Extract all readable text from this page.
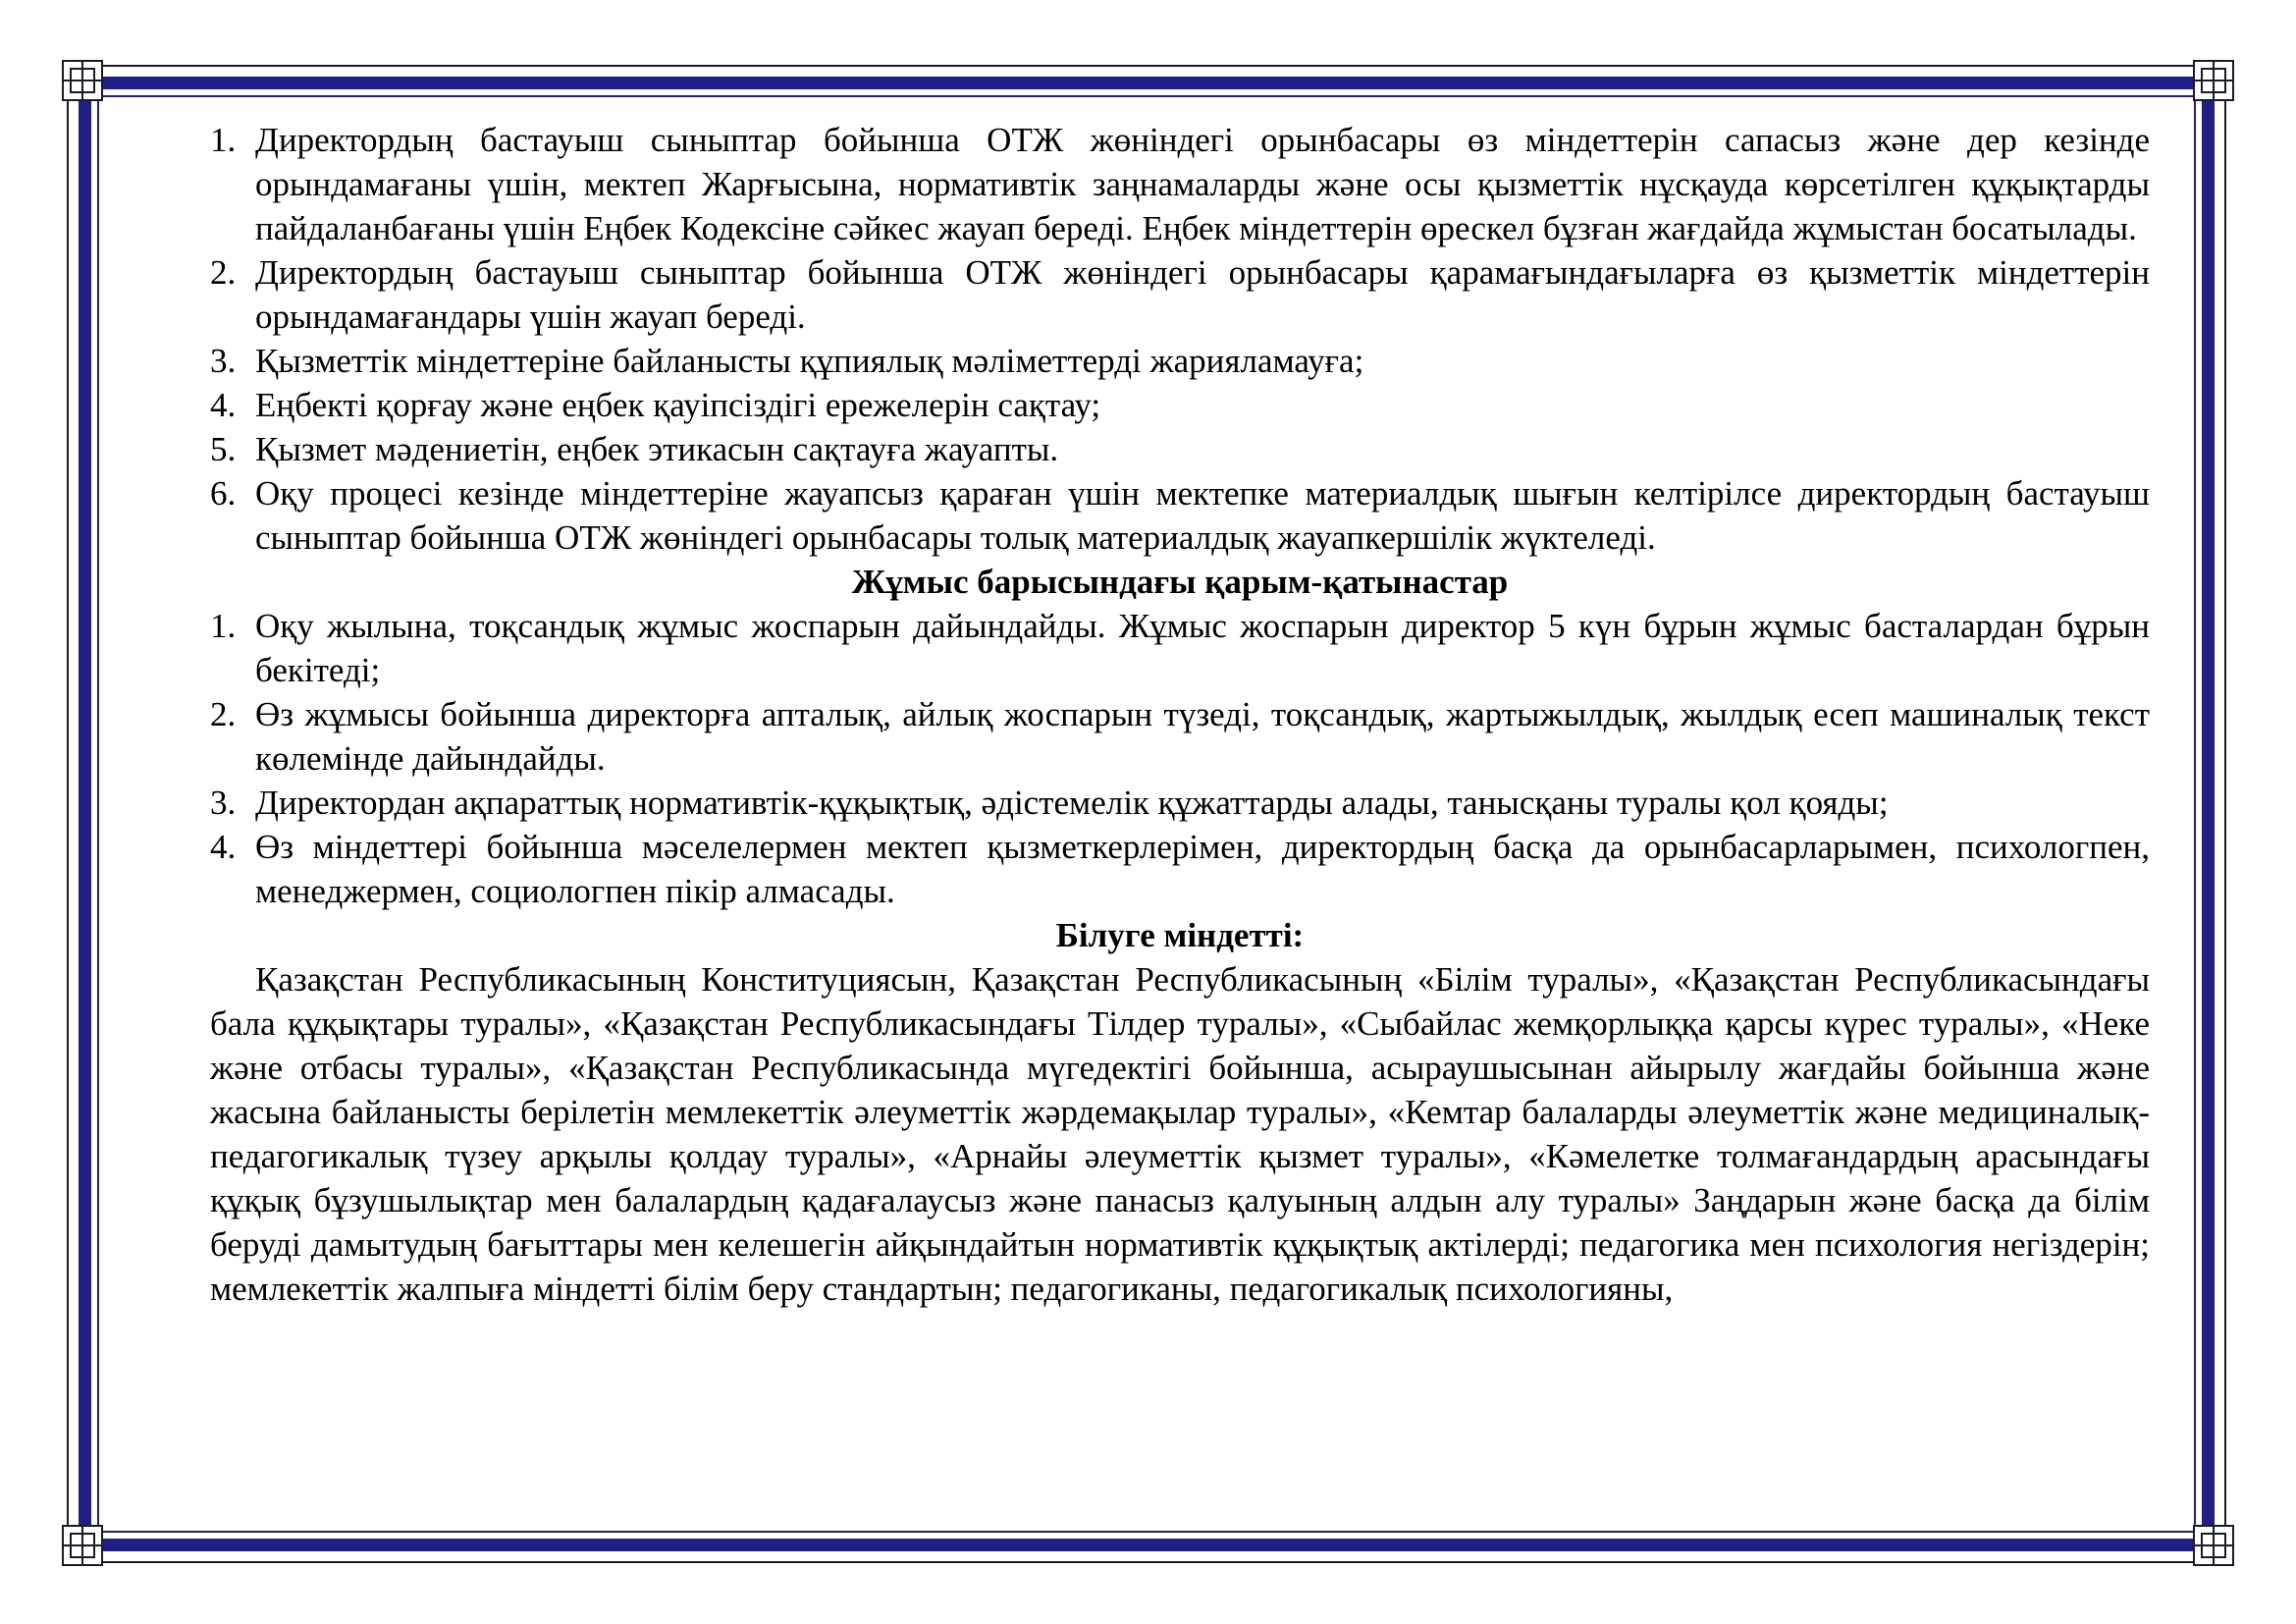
1. Директордың бастауыш сыныптар бойынша ОТЖ жөніндегі орынбасары өз міндеттерін сапасыз және дер кезінде орындамағаны үшін, мектеп Жарғысына, нормативтік заңнамаларды және осы қызметтік нұсқауда көрсетілген құқықтарды пайдаланбағаны үшін Еңбек Кодексіне сәйкес жауап береді. Еңбек міндеттерін өрескел бұзған жағдайда жұмыстан босатылады.
2. Директордың бастауыш сыныптар бойынша ОТЖ жөніндегі орынбасары қарамағындағыларға өз қызметтік міндеттерін орындамағандары үшін жауап береді.
3. Қызметтік міндеттеріне байланысты құпиялық мәліметтерді жарияламауға;
4. Еңбекті қорғау және еңбек қауіпсіздігі ережелерін сақтау;
5. Қызмет мәдениетін, еңбек этикасын сақтауға жауапты.
6. Оқу процесі кезінде міндеттеріне жауапсыз қараған үшін мектепке материалдық шығын келтірілсе директордың бастауыш сыныптар бойынша ОТЖ жөніндегі орынбасары толық материалдық жауапкершілік жүктеледі.

Жұмыс барысындағы қарым-қатынастар

1. Оқу жылына, тоқсандық жұмыс жоспарын дайындайды. Жұмыс жоспарын директор 5 күн бұрын жұмыс басталардан бұрын бекітеді;
2. Өз жұмысы бойынша директорға апталық, айлық жоспарын түзеді, тоқсандық, жартыжылдық, жылдық есеп машиналық текст көлемінде дайындайды.
3. Директордан ақпараттық нормативтік-құқықтық, әдістемелік құжаттарды алады, танысқаны туралы қол қояды;
4. Өз міндеттері бойынша мәселелермен мектеп қызметкерлерімен, директордың басқа да орынбасарларымен, психологпен, менеджермен, социологпен пікір алмасады.

Білуге міндетті:

Қазақстан Республикасының Конституциясын, Қазақстан Республикасының «Білім туралы», «Қазақстан Республикасындағы бала құқықтары туралы», «Қазақстан Республикасындағы Тілдер туралы», «Сыбайлас жемқорлыққа қарсы күрес туралы», «Неке және отбасы туралы», «Қазақстан Республикасында мүгедектігі бойынша, асыраушысынан айырылу жағдайы бойынша және жасына байланысты берілетін мемлекеттік әлеуметтік жәрдемақылар туралы», «Кемтар балаларды әлеуметтік және медициналық-педагогикалық түзеу арқылы қолдау туралы», «Арнайы әлеуметтік қызмет туралы», «Кәмелетке толмағандардың арасындағы құқық бұзушылықтар мен балалардың қадағалаусыз және панасыз қалуының алдын алу туралы» Заңдарын және басқа да білім беруді дамытудың бағыттары мен келешегін айқындайтын нормативтік құқықтық актілерді; педагогика мен психология негіздерін; мемлекеттік жалпыға міндетті білім беру стандартын; педагогиканы, педагогикалық психологияны,
